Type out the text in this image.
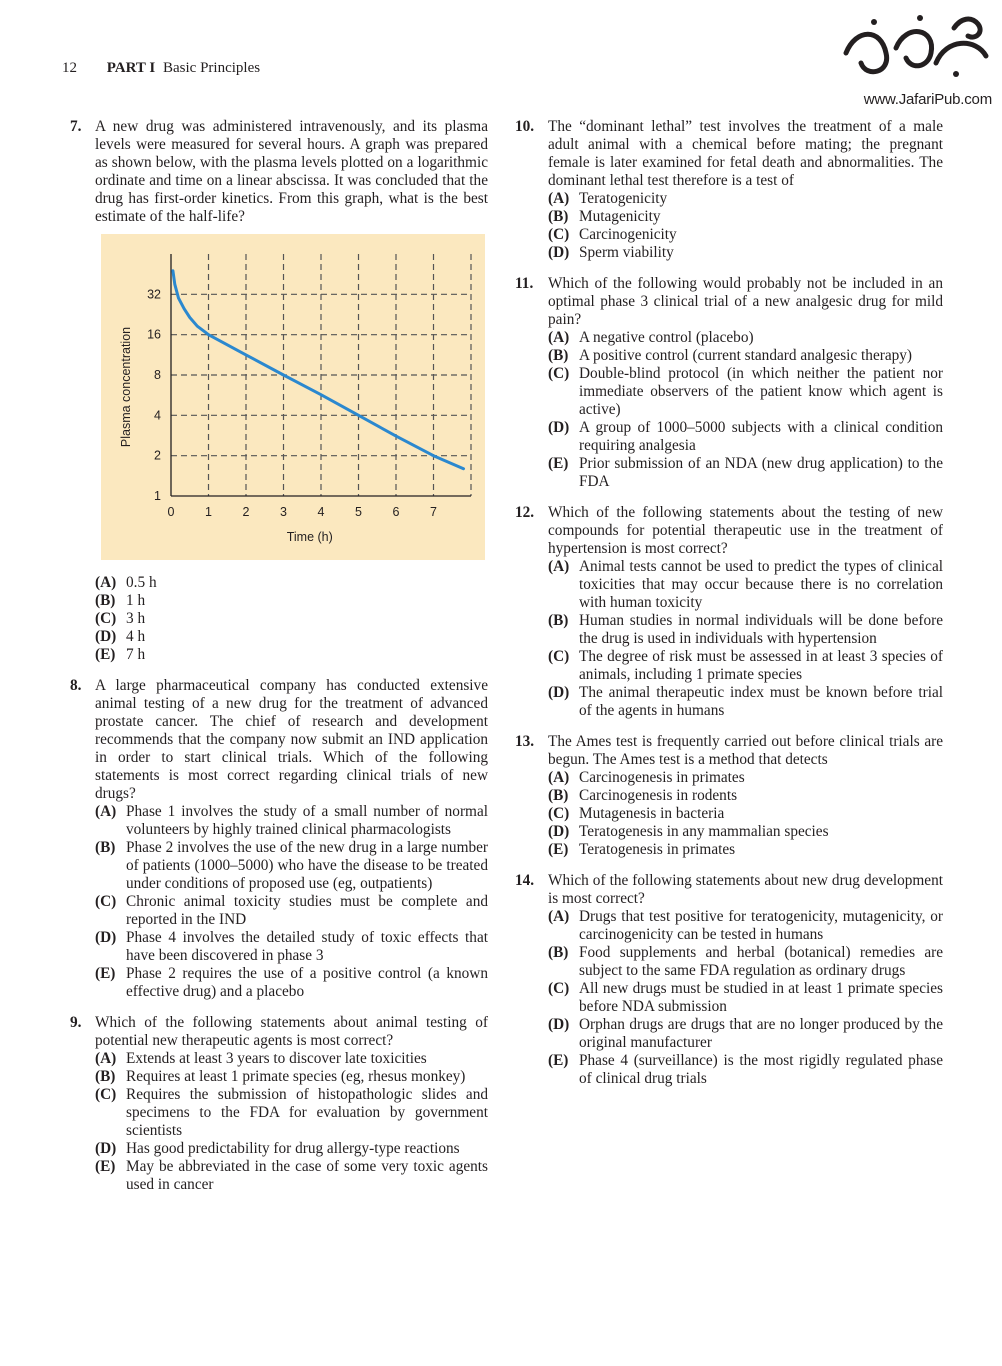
12 PART I Basic Principles
www.JafariPub.com
7. A new drug was administered intravenously, and its plasma levels were measured for several hours. A graph was prepared as shown below, with the plasma levels plotted on a logarithmic ordinate and time on a linear abscissa. It was concluded that the drug has first-order kinetics. From this graph, what is the best estimate of the half-life?
1
2
4
8
16
32
0 1 2 3 4 5 6 7
Time (h)
Plasma concentration
(A) 0.5 h
(B) 1 h
(C) 3 h
(D) 4 h
(E) 7 h
8. A large pharmaceutical company has conducted extensive animal testing of a new drug for the treatment of advanced prostate cancer. The chief of research and development recommends that the company now submit an IND application in order to start clinical trials. Which of the following statements is most correct regarding clinical trials of new drugs?
(A) Phase 1 involves the study of a small number of normal volunteers by highly trained clinical pharmacologists
(B) Phase 2 involves the use of the new drug in a large number of patients (1000–5000) who have the disease to be treated under conditions of proposed use (eg, outpatients)
(C) Chronic animal toxicity studies must be complete and reported in the IND
(D) Phase 4 involves the detailed study of toxic effects that have been discovered in phase 3
(E) Phase 2 requires the use of a positive control (a known effective drug) and a placebo
9. Which of the following statements about animal testing of potential new therapeutic agents is most correct?
(A) Extends at least 3 years to discover late toxicities
(B) Requires at least 1 primate species (eg, rhesus monkey)
(C) Requires the submission of histopathologic slides and specimens to the FDA for evaluation by government scientists
(D) Has good predictability for drug allergy-type reactions
(E) May be abbreviated in the case of some very toxic agents used in cancer
10. The “dominant lethal” test involves the treatment of a male adult animal with a chemical before mating; the pregnant female is later examined for fetal death and abnormalities. The dominant lethal test therefore is a test of
(A) Teratogenicity
(B) Mutagenicity
(C) Carcinogenicity
(D) Sperm viability
11. Which of the following would probably not be included in an optimal phase 3 clinical trial of a new analgesic drug for mild pain?
(A) A negative control (placebo)
(B) A positive control (current standard analgesic therapy)
(C) Double-blind protocol (in which neither the patient nor immediate observers of the patient know which agent is active)
(D) A group of 1000–5000 subjects with a clinical condition requiring analgesia
(E) Prior submission of an NDA (new drug application) to the FDA
12. Which of the following statements about the testing of new compounds for potential therapeutic use in the treatment of hypertension is most correct?
(A) Animal tests cannot be used to predict the types of clinical toxicities that may occur because there is no correlation with human toxicity
(B) Human studies in normal individuals will be done before the drug is used in individuals with hypertension
(C) The degree of risk must be assessed in at least 3 species of animals, including 1 primate species
(D) The animal therapeutic index must be known before trial of the agents in humans
13. The Ames test is frequently carried out before clinical trials are begun. The Ames test is a method that detects
(A) Carcinogenesis in primates
(B) Carcinogenesis in rodents
(C) Mutagenesis in bacteria
(D) Teratogenesis in any mammalian species
(E) Teratogenesis in primates
14. Which of the following statements about new drug development is most correct?
(A) Drugs that test positive for teratogenicity, mutagenicity, or carcinogenicity can be tested in humans
(B) Food supplements and herbal (botanical) remedies are subject to the same FDA regulation as ordinary drugs
(C) All new drugs must be studied in at least 1 primate species before NDA submission
(D) Orphan drugs are drugs that are no longer produced by the original manufacturer
(E) Phase 4 (surveillance) is the most rigidly regulated phase of clinical drug trials
